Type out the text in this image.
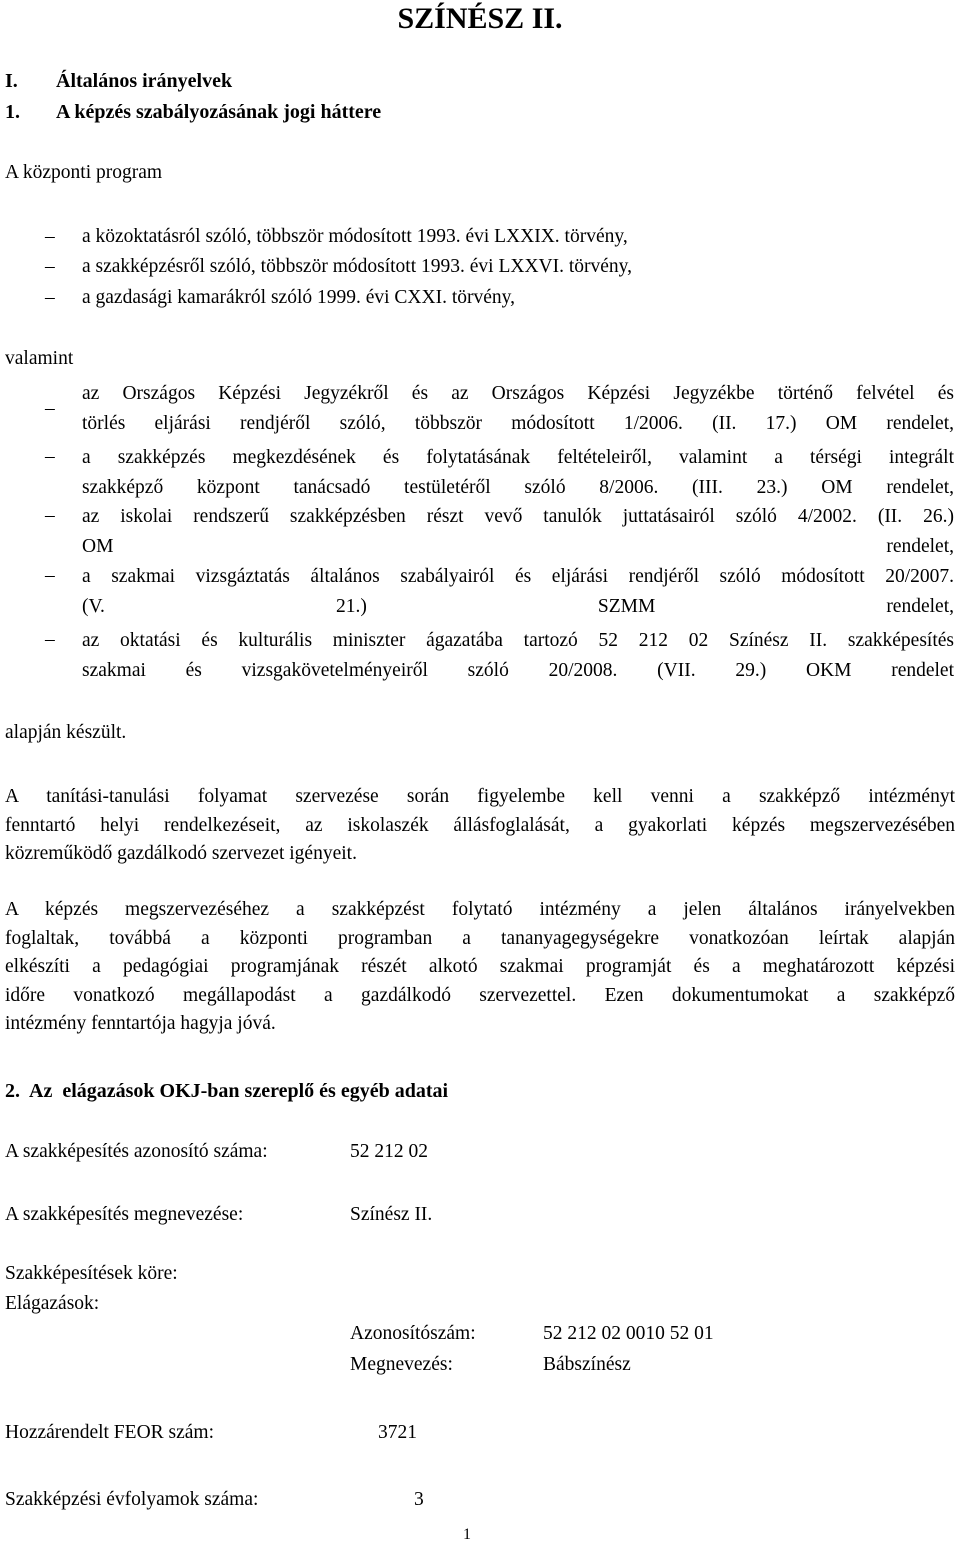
SZÍNÉSZ II.
I. Általános irányelvek
1. A képzés szabályozásának jogi háttere
A központi program
– a közoktatásról szóló, többször módosított 1993. évi LXXIX. törvény,
– a szakképzésről szóló, többször módosított 1993. évi LXXVI. törvény,
– a gazdasági kamarákról szóló 1999. évi CXXI. törvény,
valamint
–
az Országos Képzési Jegyzékről és az Országos Képzési Jegyzékbe történő felvétel és
törlés eljárási rendjéről szóló, többször módosított 1/2006. (II. 17.) OM rendelet,
– a szakképzés megkezdésének és folytatásának feltételeiről, valamint a térségi integrált
szakképző központ tanácsadó testületéről szóló 8/2006. (III. 23.) OM rendelet,
– az iskolai rendszerű szakképzésben részt vevő tanulók juttatásairól szóló 4/2002. (II. 26.)
OM rendelet,
– a szakmai vizsgáztatás általános szabályairól és eljárási rendjéről szóló módosított 20/2007.
(V. 21.) SZMM rendelet,
– az oktatási és kulturális miniszter ágazatába tartozó 52 212 02 Színész II. szakképesítés
szakmai és vizsgakövetelményeiről szóló 20/2008. (VII. 29.) OKM rendelet
alapján készült.
A tanítási-tanulási folyamat szervezése során figyelembe kell venni a szakképző intézményt
fenntartó helyi rendelkezéseit, az iskolaszék állásfoglalását, a gyakorlati képzés megszervezésében
közreműködő gazdálkodó szervezet igényeit.
A képzés megszervezéséhez a szakképzést folytató intézmény a jelen általános irányelvekben
foglaltak, továbbá a központi programban a tananyagegységekre vonatkozóan leírtak alapján
elkészíti a pedagógiai programjának részét alkotó szakmai programját és a meghatározott képzési
időre vonatkozó megállapodást a gazdálkodó szervezettel. Ezen dokumentumokat a szakképző
intézmény fenntartója hagyja jóvá.
2. Az  elágazások OKJ-ban szereplő és egyéb adatai
A szakképesítés azonosító száma:	52 212 02
A szakképesítés megnevezése:	Színész II.
Szakképesítések köre:
Elágazások:
Azonosítószám:	52 212 02 0010 52 01
Megnevezés:	Bábszínész
Hozzárendelt FEOR szám:	3721
Szakképzési évfolyamok száma:	3
1
